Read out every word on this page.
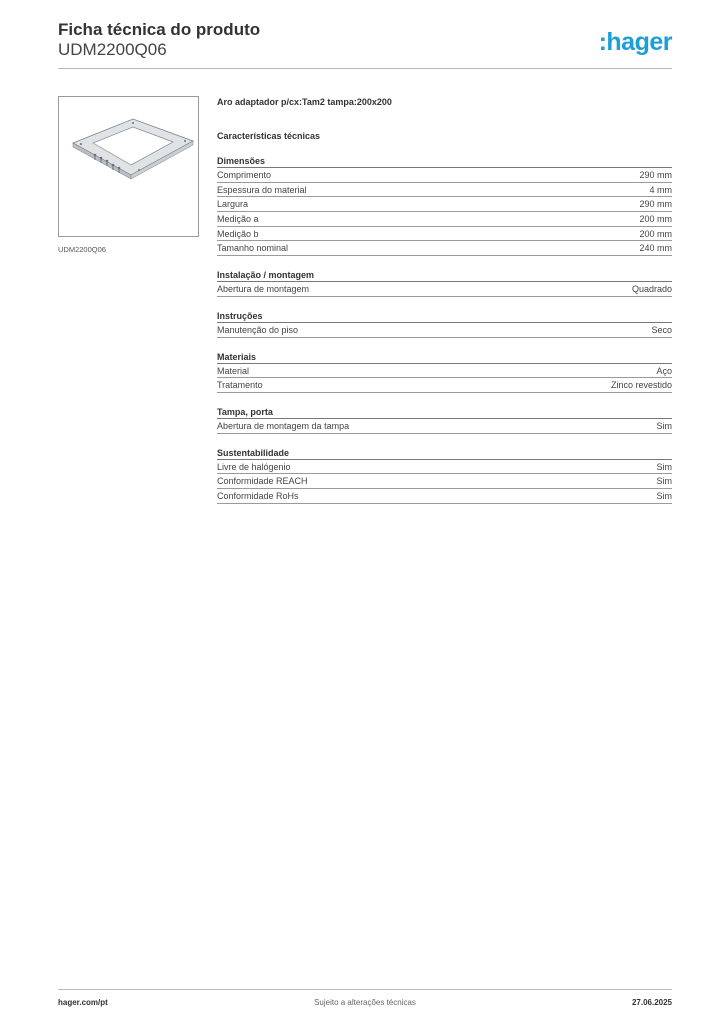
Ficha técnica do produto
UDM2200Q06	:hager
UDM2200Q06
Aro adaptador p/cx:Tam2 tampa:200x200
Características técnicas
Dimensões
Comprimento	290 mm
Espessura do material	4 mm
Largura	290 mm
Medição a	200 mm
Medição b	200 mm
Tamanho nominal	240 mm
Instalação / montagem
Abertura de montagem	Quadrado
Instruções
Manutenção do piso	Seco
Materiais
Material	Aço
Tratamento	Zinco revestido
Tampa, porta
Abertura de montagem da tampa	Sim
Sustentabilidade
Livre de halógenio	Sim
Conformidade REACH	Sim
Conformidade RoHs	Sim
Sujeito a alterações técnicas
hager.com/pt	27.06.2025
